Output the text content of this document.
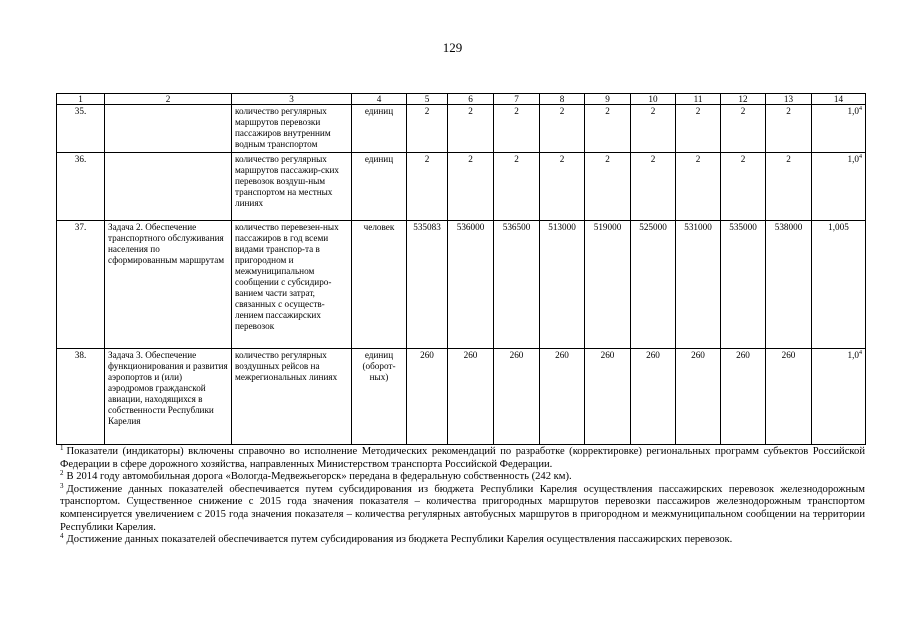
129
1	2	3	4	5	6	7	8	9	10	11	12	13	14
35.		количество регулярных маршрутов перевозки пассажиров внутренним водным транспортом	единиц	2	2	2	2	2	2	2	2	2	$1,0^4$
36.		количество регулярных маршрутов пассажир-ских перевозок воздуш-ным транспортом на местных линиях	единиц	2	2	2	2	2	2	2	2	2	$1,0^4$
37.	Задача 2. Обеспечение транспортного обслуживания населения по сформированным маршрутам	количество перевезен-ных пассажиров в год всеми видами транспор-та в пригородном и межмуниципальном сообщении с субсидиро-ванием части затрат, связанных с осуществ-лением пассажирских перевозок	человек	535083	536000	536500	513000	519000	525000	531000	535000	538000	1,005
38.	Задача 3. Обеспечение функционирования и развития аэропортов и (или) аэродромов гражданской авиации, находящихся в собственности Республики Карелия	количество регулярных воздушных рейсов на межрегиональных линиях	единиц (оборот-ных)	260	260	260	260	260	260	260	260	260	$1,0^4$

$^1$ Показатели (индикаторы) включены справочно во исполнение Методических рекомендаций по разработке (корректировке) региональных программ субъектов Российской Федерации в сфере дорожного хозяйства, направленных Министерством транспорта Российской Федерации.

$^2$ В 2014 году автомобильная дорога «Вологда-Медвежьегорск» передана в федеральную собственность (242 км).

$^3$ Достижение данных показателей обеспечивается путем субсидирования из бюджета Республики Карелия осуществления пассажирских перевозок железнодорожным транспортом. Существенное снижение с 2015 года значения показателя – количества пригородных маршрутов перевозки пассажиров железнодорожным транспортом компенсируется увеличением с 2015 года значения показателя – количества регулярных автобусных маршрутов в пригородном и межмуниципальном сообщении на территории Республики Карелия.

$^4$ Достижение данных показателей обеспечивается путем субсидирования из бюджета Республики Карелия осуществления пассажирских перевозок.
